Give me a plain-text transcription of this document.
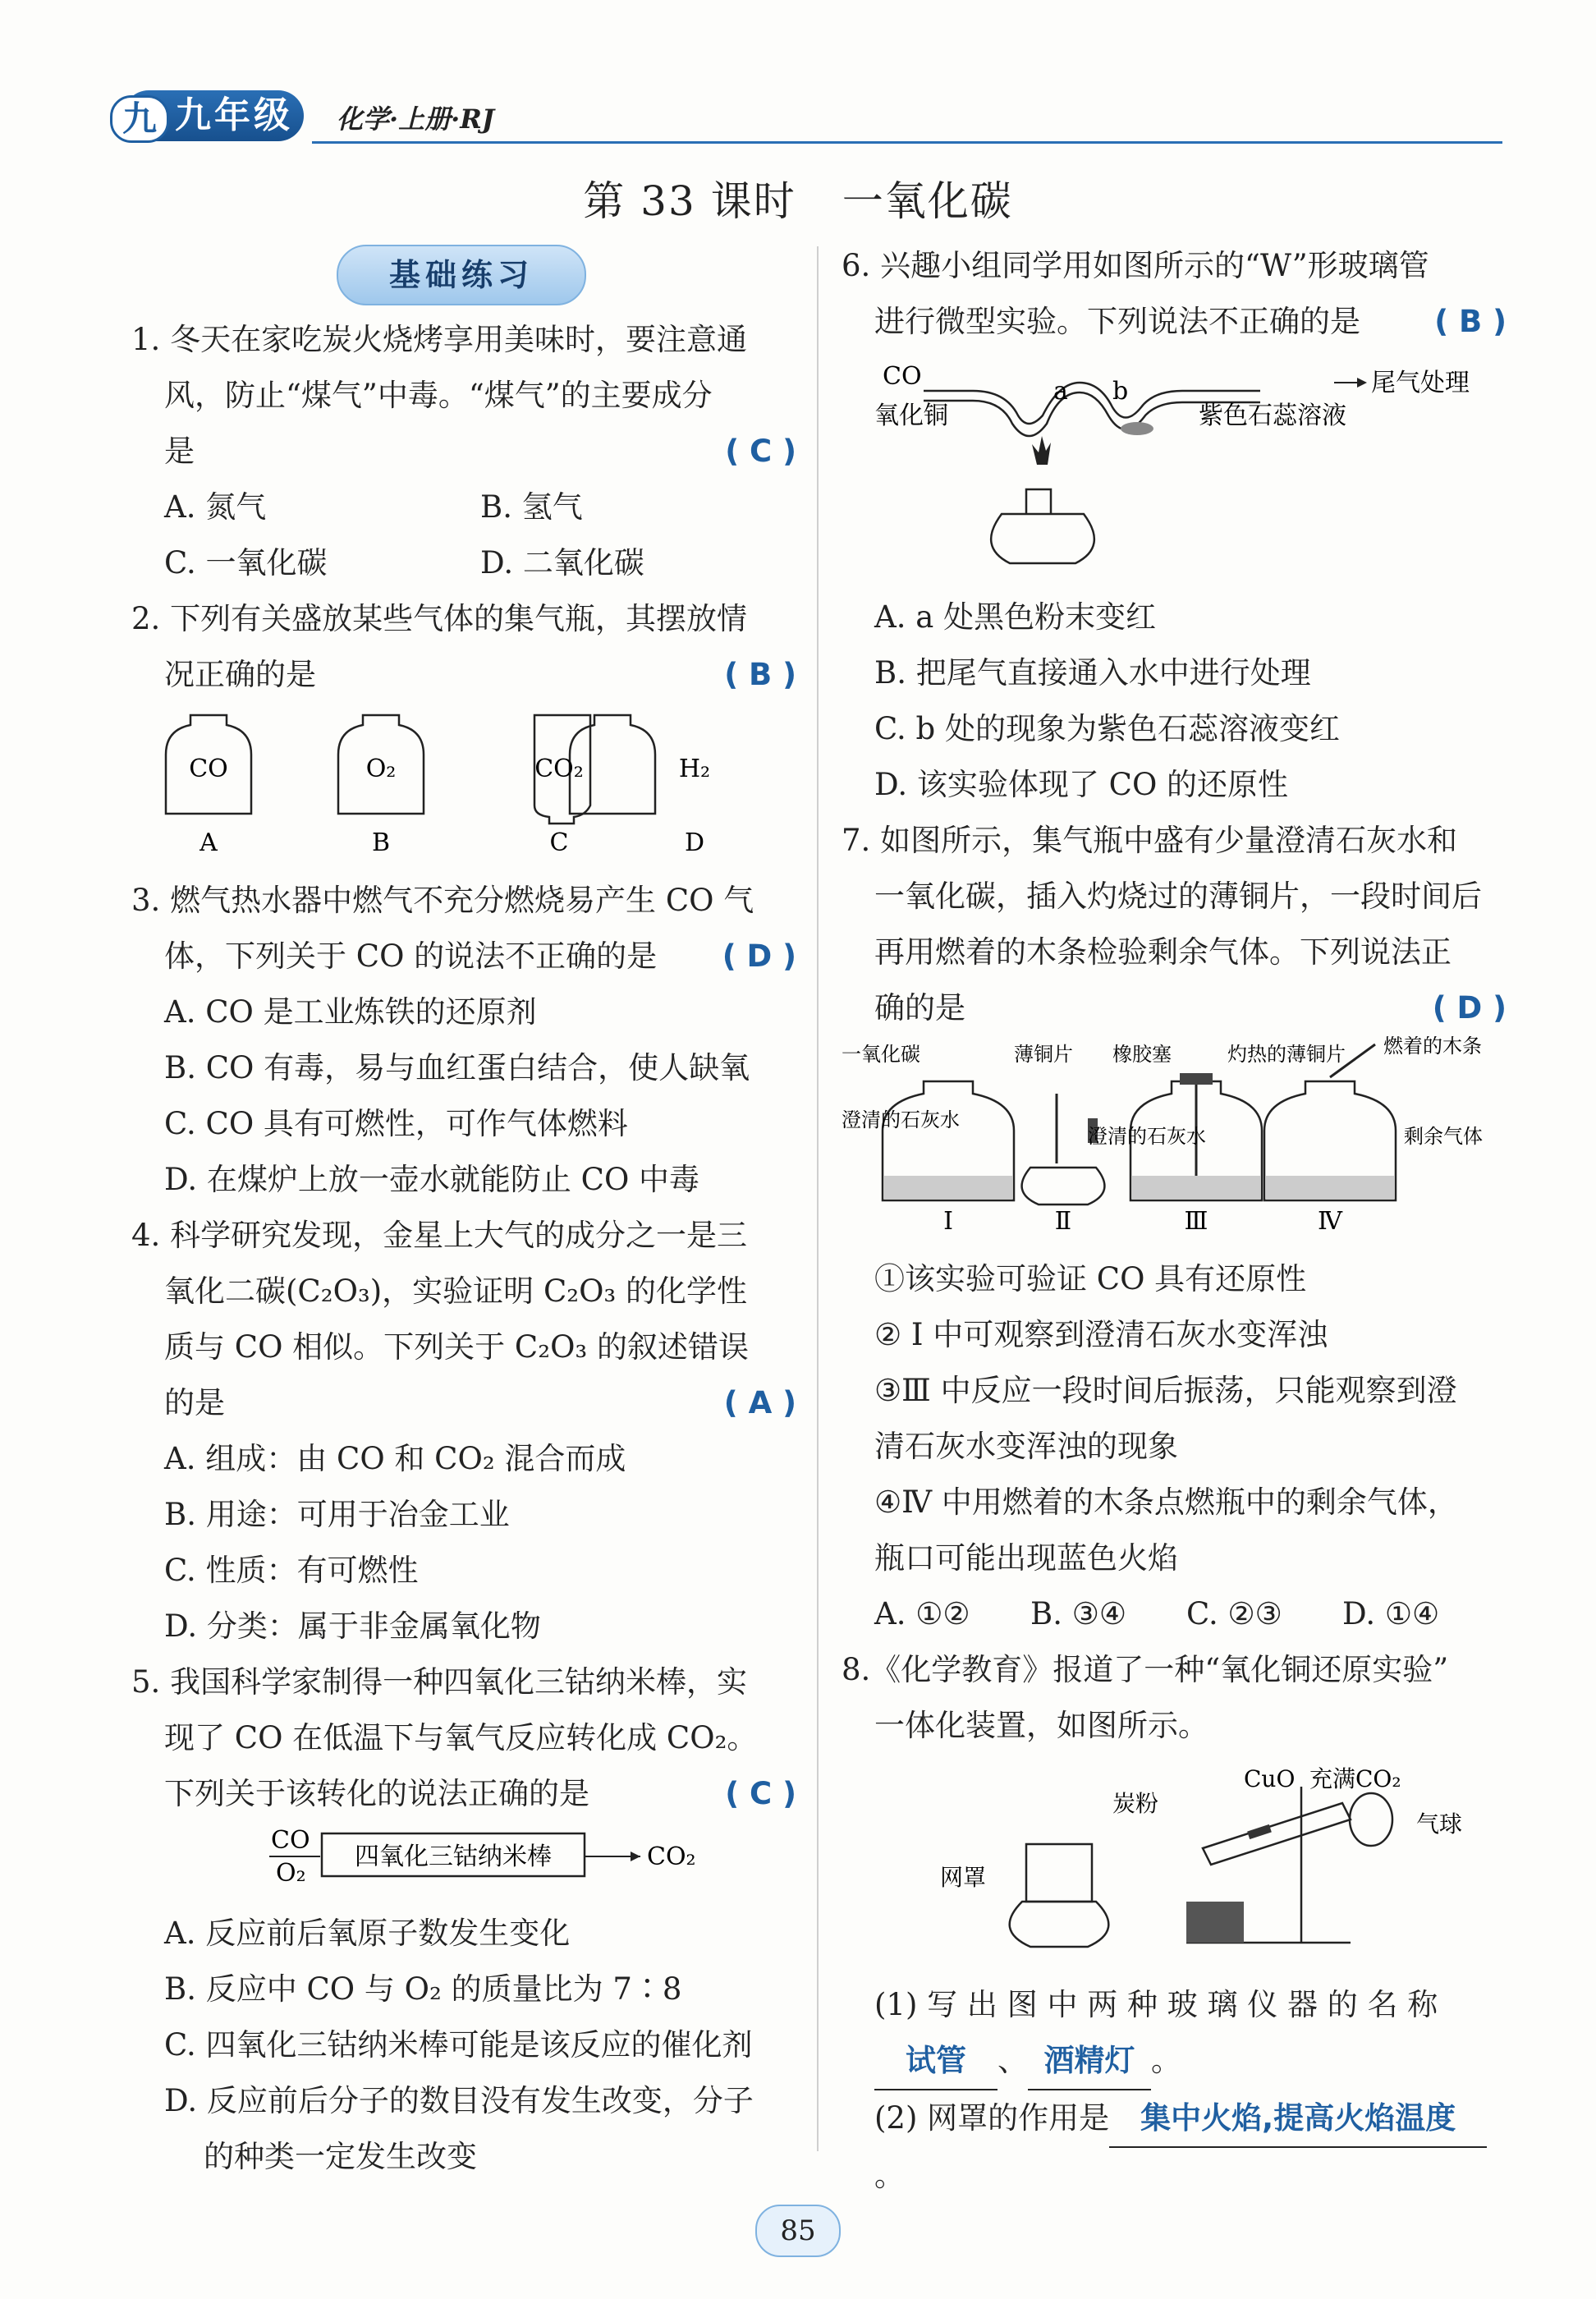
九年级
九	化学·上册·RJ
第 33 课时 一氧化碳
基础练习

1. 冬天在家吃炭火烧烤享用美味时，要注意通

风，防止“煤气”中毒。“煤气”的主要成分

是	( C )

A. 氮气	B. 氢气

C. 一氧化碳	D. 二氧化碳

2. 下列有关盛放某些气体的集气瓶，其摆放情

况正确的是	( B )

CO	O₂	CO₂	H₂
A	B	C	D

3. 燃气热水器中燃气不充分燃烧易产生 CO 气

体，下列关于 CO 的说法不正确的是 ( D )

A. CO 是工业炼铁的还原剂

B. CO 有毒，易与血红蛋白结合，使人缺氧

C. CO 具有可燃性，可作气体燃料

D. 在煤炉上放一壶水就能防止 CO 中毒

4. 科学研究发现，金星上大气的成分之一是三

氧化二碳(C₂O₃)，实验证明 C₂O₃ 的化学性

质与 CO 相似。下列关于 C₂O₃ 的叙述错误

的是	( A )

A. 组成：由 CO 和 CO₂ 混合而成

B. 用途：可用于冶金工业

C. 性质：有可燃性

D. 分类：属于非金属氧化物

5. 我国科学家制得一种四氧化三钴纳米棒，实

现了 CO 在低温下与氧气反应转化成 CO₂。

下列关于该转化的说法正确的是	( C )

CO
O₂
四氧化三钴纳米棒	CO₂

A. 反应前后氧原子数发生变化

B. 反应中 CO 与 O₂ 的质量比为 7∶8

C. 四氧化三钴纳米棒可能是该反应的催化剂

D. 反应前后分子的数目没有发生改变，分子

的种类一定发生改变

6. 兴趣小组同学用如图所示的“W”形玻璃管

进行微型实验。下列说法不正确的是 ( B )

CO
a b	尾气处理
氧化铜	紫色石蕊溶液

A. a 处黑色粉末变红

B. 把尾气直接通入水中进行处理

C. b 处的现象为紫色石蕊溶液变红

D. 该实验体现了 CO 的还原性

7. 如图所示，集气瓶中盛有少量澄清石灰水和

一氧化碳，插入灼烧过的薄铜片，一段时间后

再用燃着的木条检验剩余气体。下列说法正

确的是	( D )

一氧化碳
澄清的石灰水
薄铜片 橡胶塞
澄清的石灰水
灼热的薄铜片 燃着的木条
剩余气体
Ⅰ	Ⅱ	Ⅲ	Ⅳ

①该实验可验证 CO 具有还原性

② Ⅰ 中可观察到澄清石灰水变浑浊

③Ⅲ 中反应一段时间后振荡，只能观察到澄

清石灰水变浑浊的现象

④Ⅳ 中用燃着的木条点燃瓶中的剩余气体，

瓶口可能出现蓝色火焰

A. ①②	B. ③④	C. ②③	D. ①④

8.《化学教育》报道了一种“氧化铜还原实验”

一体化装置，如图所示。

CuO 充满CO₂
炭粉
气球
网罩

(1) 写 出 图 中 两 种 玻 璃 仪 器 的 名 称

试管 、 酒精灯 。

(2) 网罩的作用是 集中火焰,提高火焰温度。

85
